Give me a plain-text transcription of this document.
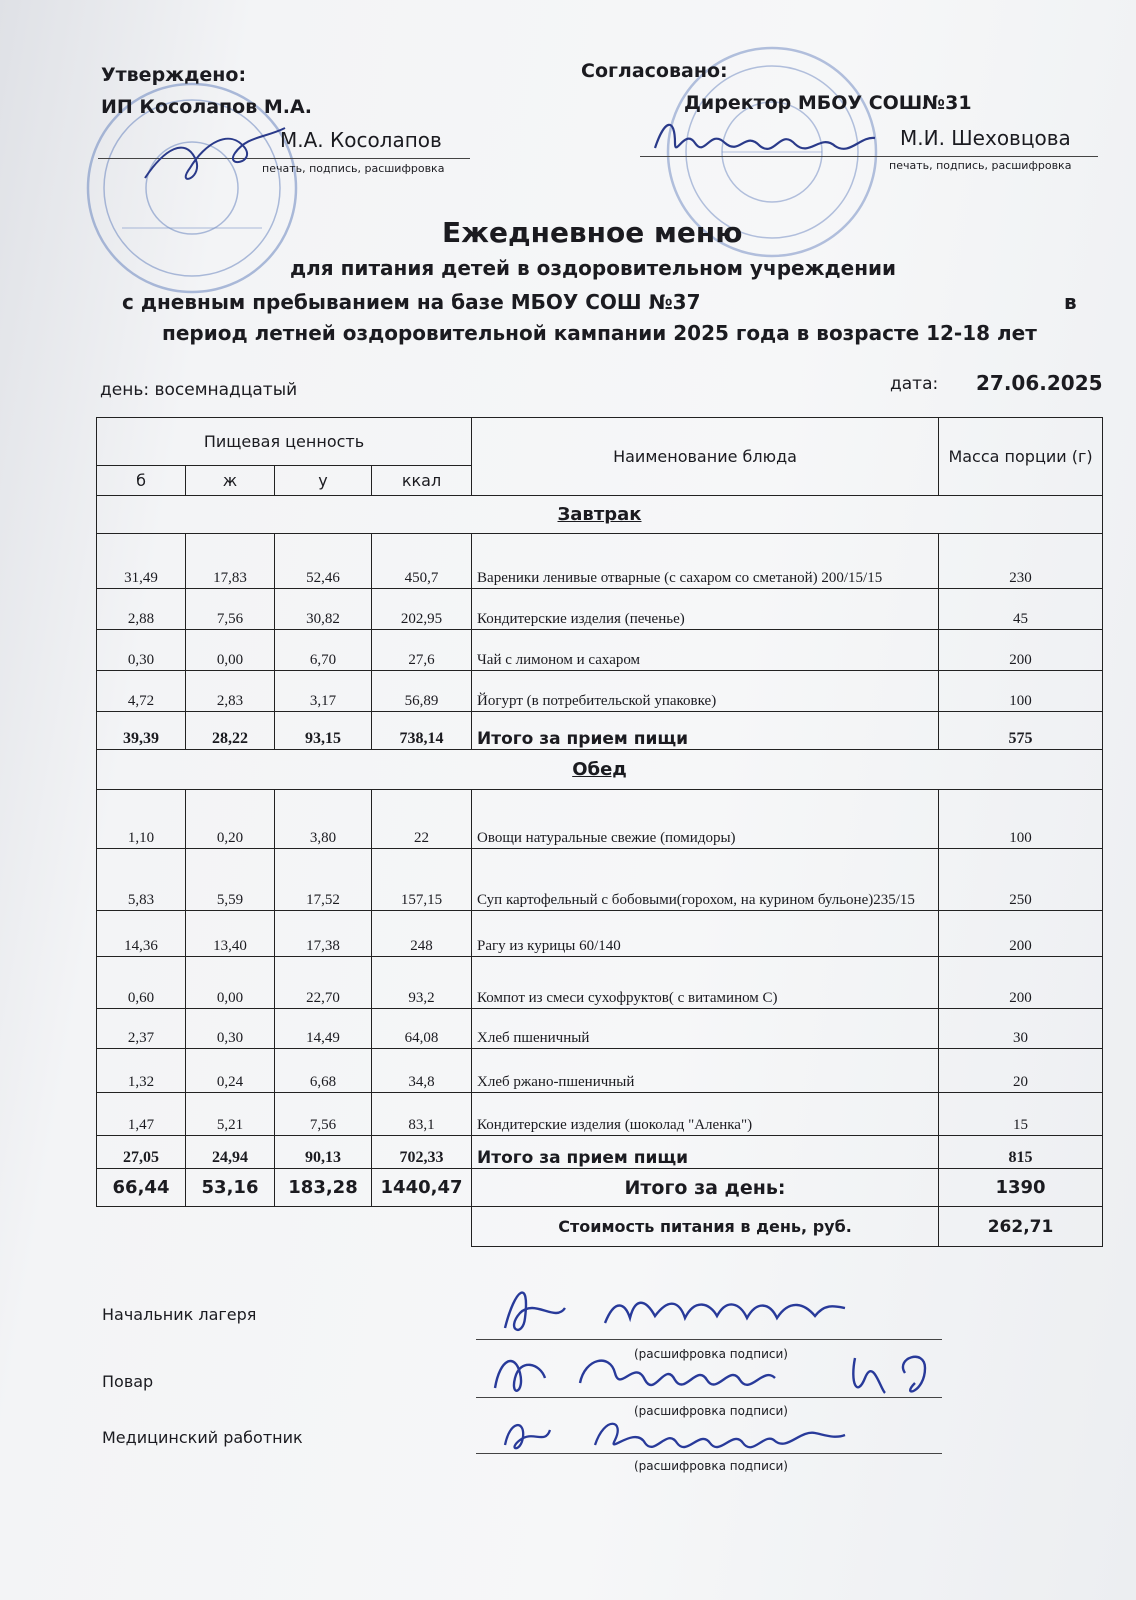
Утверждено:
ИП Косолапов М.А.
М.А. Косолапов
печать, подпись, расшифровка
Согласовано:
Директор МБОУ СОШ№31
М.И. Шеховцова
печать, подпись, расшифровка
Ежедневное меню
для питания детей в оздоровительном учреждении
с дневным пребыванием на базе МБОУ СОШ №37	в
период летней оздоровительной кампании 2025 года в возрасте 12-18 лет
день: восемнадцатый	дата: 27.06.2025
Пищевая ценность				Наименование блюда	Масса порции (г)
б	ж	у	ккал		
Завтрак					
31,49	17,83	52,46	450,7	Вареники ленивые отварные (с сахаром со сметаной) 200/15/15	230
2,88	7,56	30,82	202,95	Кондитерские изделия (печенье)	45
0,30	0,00	6,70	27,6	Чай с лимоном и сахаром	200
4,72	2,83	3,17	56,89	Йогурт (в потребительской упаковке)	100
39,39	28,22	93,15	738,14	Итого за прием пищи	575
Обед					
1,10	0,20	3,80	22	Овощи натуральные свежие (помидоры)	100
5,83	5,59	17,52	157,15	Суп картофельный с бобовыми(горохом, на курином бульоне)235/15	250
14,36	13,40	17,38	248	Рагу из курицы 60/140	200
0,60	0,00	22,70	93,2	Компот из смеси сухофруктов( с витамином С)	200
2,37	0,30	14,49	64,08	Хлеб пшеничный	30
1,32	0,24	6,68	34,8	Хлеб ржано-пшеничный	20
1,47	5,21	7,56	83,1	Кондитерские изделия (шоколад "Аленка")	15
27,05	24,94	90,13	702,33	Итого за прием пищи	815
66,44	53,16	183,28	1440,47	Итого за день:	1390
				Стоимость питания в день, руб.	262,71
Начальник лагеря
(расшифровка подписи)
Повар
(расшифровка подписи)
Медицинский работник
(расшифровка подписи)
